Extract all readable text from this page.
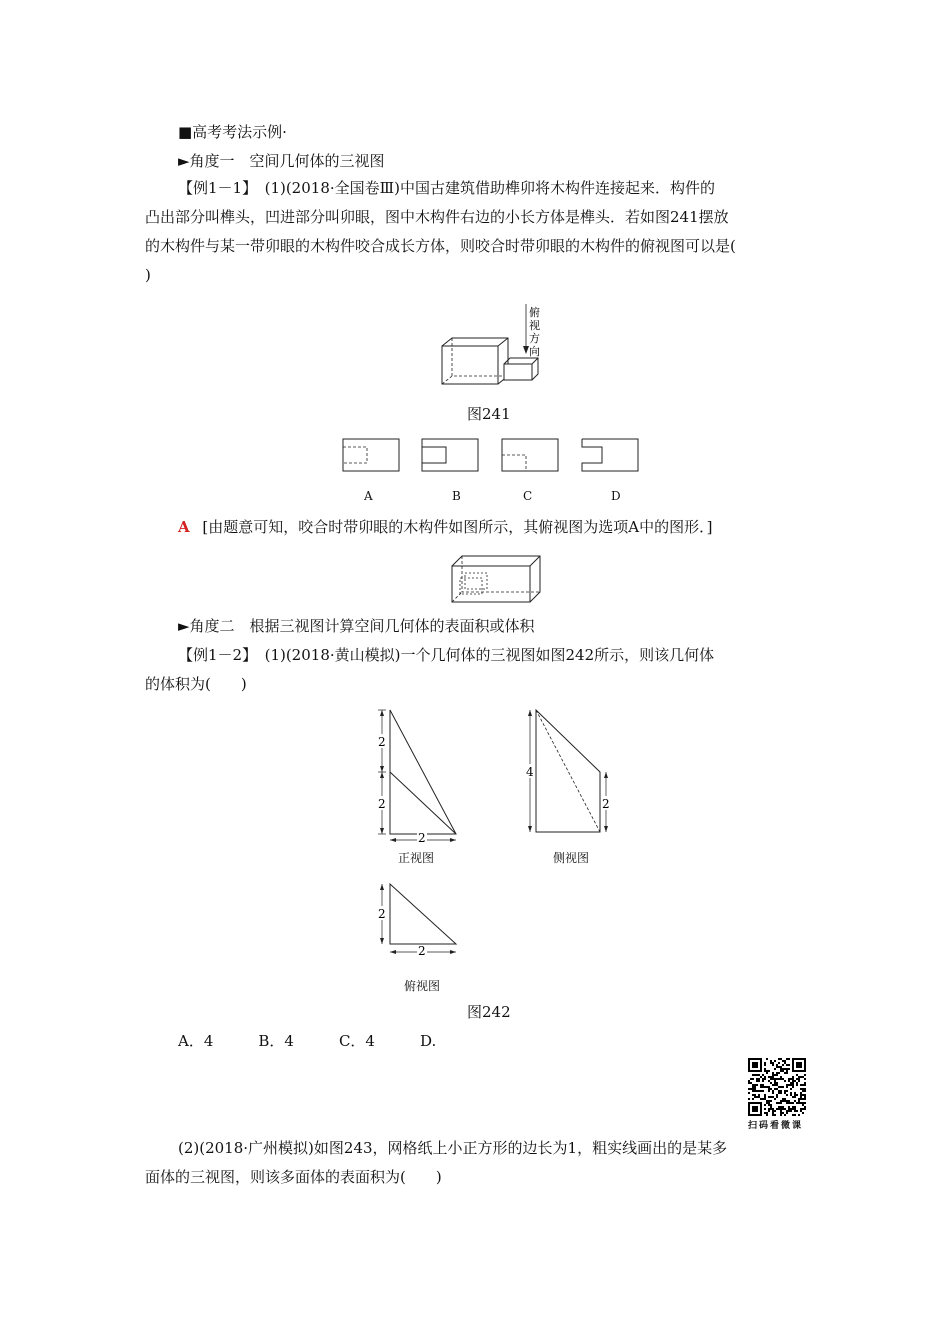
■高考考法示例·
►角度一　空间几何体的三视图
【例1－1】　(1)(2018·全国卷Ⅲ)中国古建筑借助榫卯将木构件连接起来．构件的
凸出部分叫榫头，凹进部分叫卯眼，图中木构件右边的小长方体是榫头．若如图241摆放
的木构件与某一带卯眼的木构件咬合成长方体，则咬合时带卯眼的木构件的俯视图可以是(
)
俯
视
方
向
图241
A	B	C	D
A [由题意可知，咬合时带卯眼的木构件如图所示，其俯视图为选项A中的图形．]
►角度二　根据三视图计算空间几何体的表面积或体积
【例1－2】　(1)(2018·黄山模拟)一个几何体的三视图如图242所示，则该几何体
的体积为(　　)
2
2
2
正视图
4
2
侧视图
2
2
俯视图
图242
A．4　　　B．4　　　C．4　　　D.
扫码看微课
(2)(2018·广州模拟)如图243，网格纸上小正方形的边长为1，粗实线画出的是某多
面体的三视图，则该多面体的表面积为(　　)
